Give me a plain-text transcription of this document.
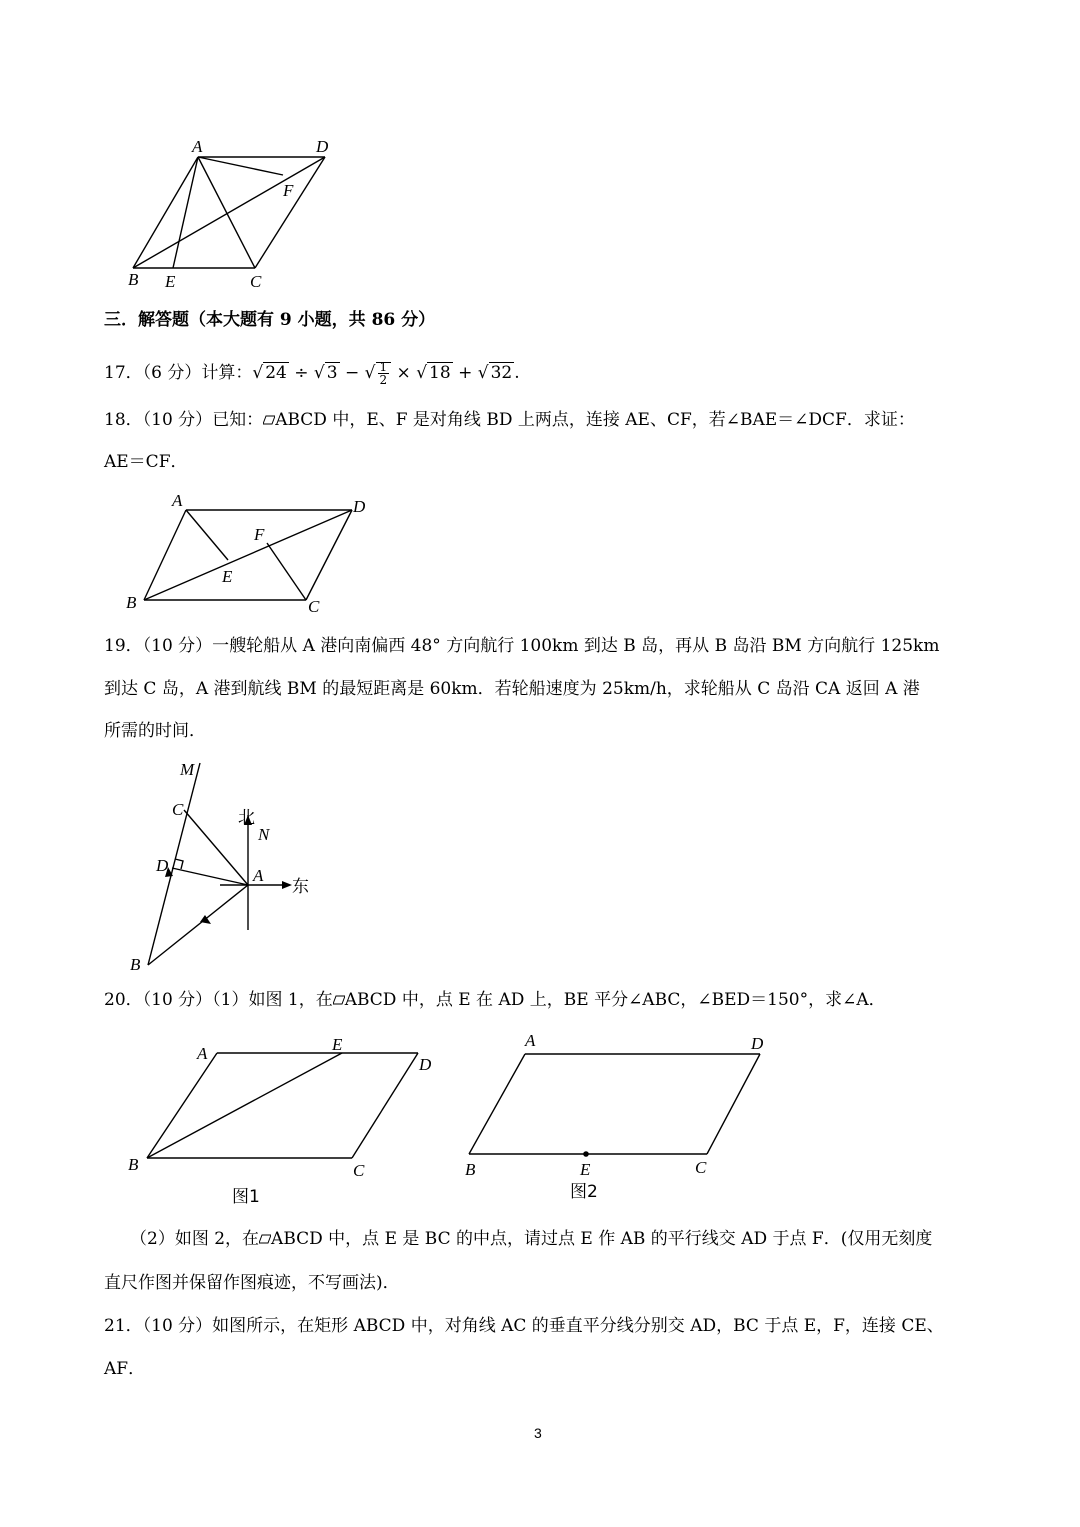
A	D
F
B E	C
三．解答题（本大题有 9 小题，共 86 分）
17．（6 分）计算：√ 24 ÷ √ 3 − √ $\frac{1}{2}$ × √ 18 + √ 32 .
18．（10 分）已知： ABCD 中，E、F 是对角线 BD 上两点，连接 AE、CF，若∠BAE＝∠DCF．求证：
AE＝CF．
A	D
F
E
B	C
19．（10 分）一艘轮船从 A 港向南偏西 48° 方向航行 100km 到达 B 岛，再从 B 岛沿 BM 方向航行 125km
到达 C 岛，A 港到航线 BM 的最短距离是 60km．若轮船速度为 25km/h，求轮船从 C 岛沿 CA 返回 A 港
所需的时间．
M
C
D
A
N
B
北
东
20．（10 分）（1）如图 1，在 ABCD 中，点 E 在 AD 上，BE 平分∠ABC，∠BED＝150°，求∠A．
A	E
D
B	C
图1
A	D
B	E	C
图2
（2）如图 2，在 ABCD 中，点 E 是 BC 的中点，请过点 E 作 AB 的平行线交 AD 于点 F．(仅用无刻度
直尺作图并保留作图痕迹，不写画法)．
21．（10 分）如图所示，在矩形 ABCD 中，对角线 AC 的垂直平分线分别交 AD，BC 于点 E，F，连接 CE、
AF．
3
